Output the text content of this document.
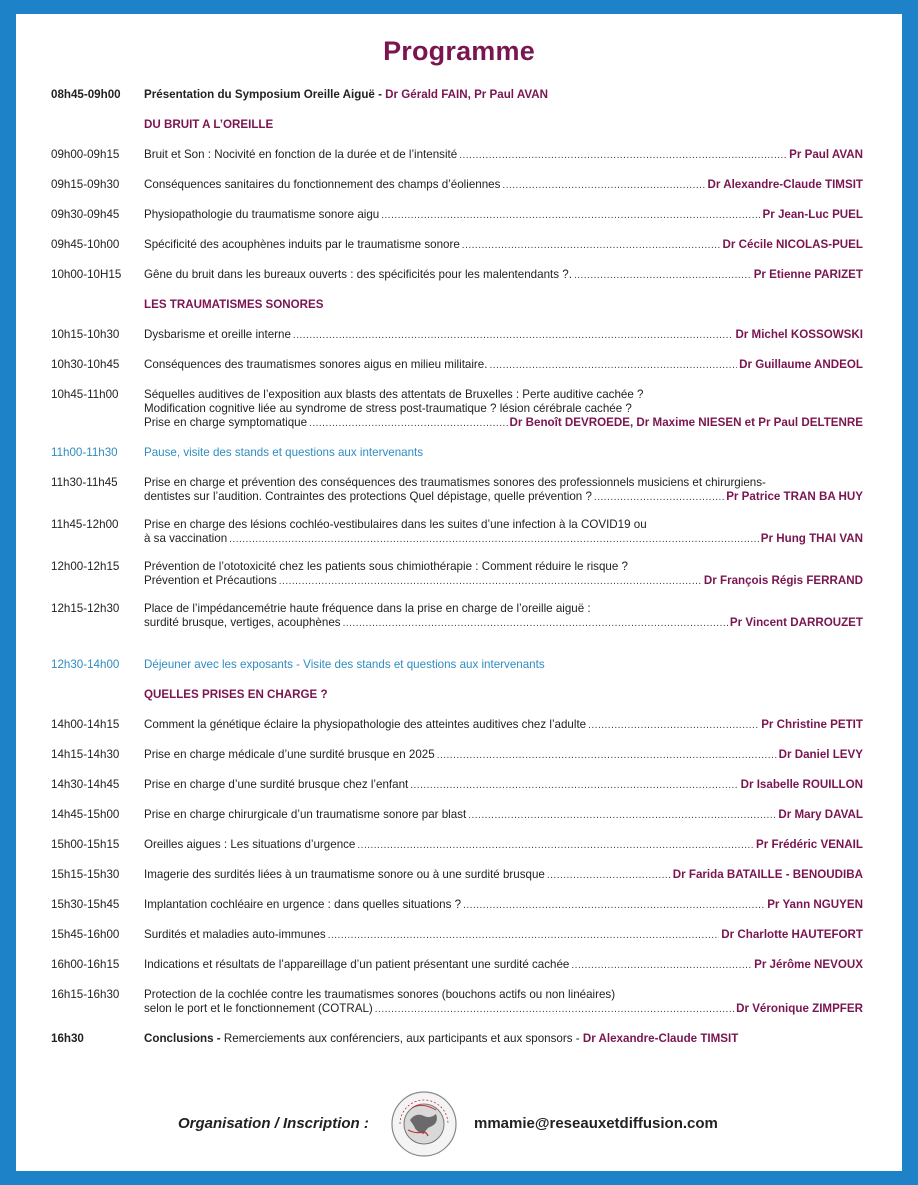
Programme
08h45-09h00	Présentation du Symposium Oreille Aiguë -
Dr Gérald FAIN, Pr Paul AVAN
DU BRUIT A L’OREILLE
09h00-09h15	Bruit et Son : Nocivité en fonction de la durée et de l’intensité .....	Pr Paul AVAN
09h15-09h30	Conséquences sanitaires du fonctionnement des champs d’éoliennes .....	Dr Alexandre-Claude TIMSIT
09h30-09h45	Physiopathologie du traumatisme sonore aigu .....	Pr Jean-Luc PUEL
09h45-10h00	Spécificité des acouphènes induits par le traumatisme sonore .....	Dr Cécile NICOLAS-PUEL
10h00-10H15	Gêne du bruit dans les bureaux ouverts : des spécificités pour les malentendants ?. .....	Pr Etienne PARIZET
LES TRAUMATISMES SONORES
10h15-10h30	Dysbarisme et oreille interne .....	Dr Michel KOSSOWSKI
10h30-10h45	Conséquences des traumatismes sonores aigus en milieu militaire. .....	Dr Guillaume ANDEOL
10h45-11h00	Séquelles auditives de l’exposition aux blasts des attentats de Bruxelles : Perte auditive cachée ?
Modification cognitive liée au syndrome de stress post-traumatique ? lésion cérébrale cachée ?
Prise en charge symptomatique .....	Dr Benoît DEVROEDE, Dr Maxime NIESEN et Pr Paul DELTENRE
11h00-11h30	Pause, visite des stands et questions aux intervenants
11h30-11h45	Prise en charge et prévention des conséquences des traumatismes sonores des professionnels musiciens et chirurgiens-
dentistes sur l’audition. Contraintes des protections Quel dépistage, quelle prévention ? .....	Pr Patrice TRAN BA HUY
11h45-12h00	Prise en charge des lésions cochléo-vestibulaires dans les suites d’une infection à la COVID19 ou
à sa vaccination .....	Pr Hung THAI VAN
12h00-12h15	Prévention de l’ototoxicité chez les patients sous chimiothérapie : Comment réduire le risque ?
Prévention et Précautions .....	Dr François Régis FERRAND
12h15-12h30	Place de l’impédancemétrie haute fréquence dans la prise en charge de l’oreille aiguë :
surdité brusque, vertiges, acouphènes .....	Pr Vincent DARROUZET
12h30-14h00	Déjeuner avec les exposants - Visite des stands et questions aux intervenants
QUELLES PRISES EN CHARGE ?
14h00-14h15	Comment la génétique éclaire la physiopathologie des atteintes auditives chez l’adulte .....	Pr Christine PETIT
14h15-14h30	Prise en charge médicale d’une surdité brusque en 2025 .....	Dr Daniel LEVY
14h30-14h45	Prise en charge d’une surdité brusque chez l’enfant .....	Dr Isabelle ROUILLON
14h45-15h00	Prise en charge chirurgicale d’un traumatisme sonore par blast .....	Dr Mary DAVAL
15h00-15h15	Oreilles aigues : Les situations d’urgence .....	Pr Frédéric VENAIL
15h15-15h30	Imagerie des surdités liées à un traumatisme sonore ou à une surdité brusque .....	Dr Farida BATAILLE - BENOUDIBA
15h30-15h45	Implantation cochléaire en urgence : dans quelles situations ? .....	Pr Yann NGUYEN
15h45-16h00	Surdités et maladies auto-immunes .....	Dr Charlotte HAUTEFORT
16h00-16h15	Indications et résultats de l’appareillage d’un patient présentant une surdité cachée .....	Pr Jérôme NEVOUX
16h15-16h30	Protection de la cochlée contre les traumatismes sonores (bouchons actifs ou non linéaires)
selon le port et le fonctionnement (COTRAL) .....	Dr Véronique ZIMPFER
16h30	Conclusions -
Remerciements aux conférenciers, aux participants et aux sponsors -
Dr Alexandre-Claude TIMSIT
Organisation / Inscription :	mmamie@reseauxetdiffusion.com
